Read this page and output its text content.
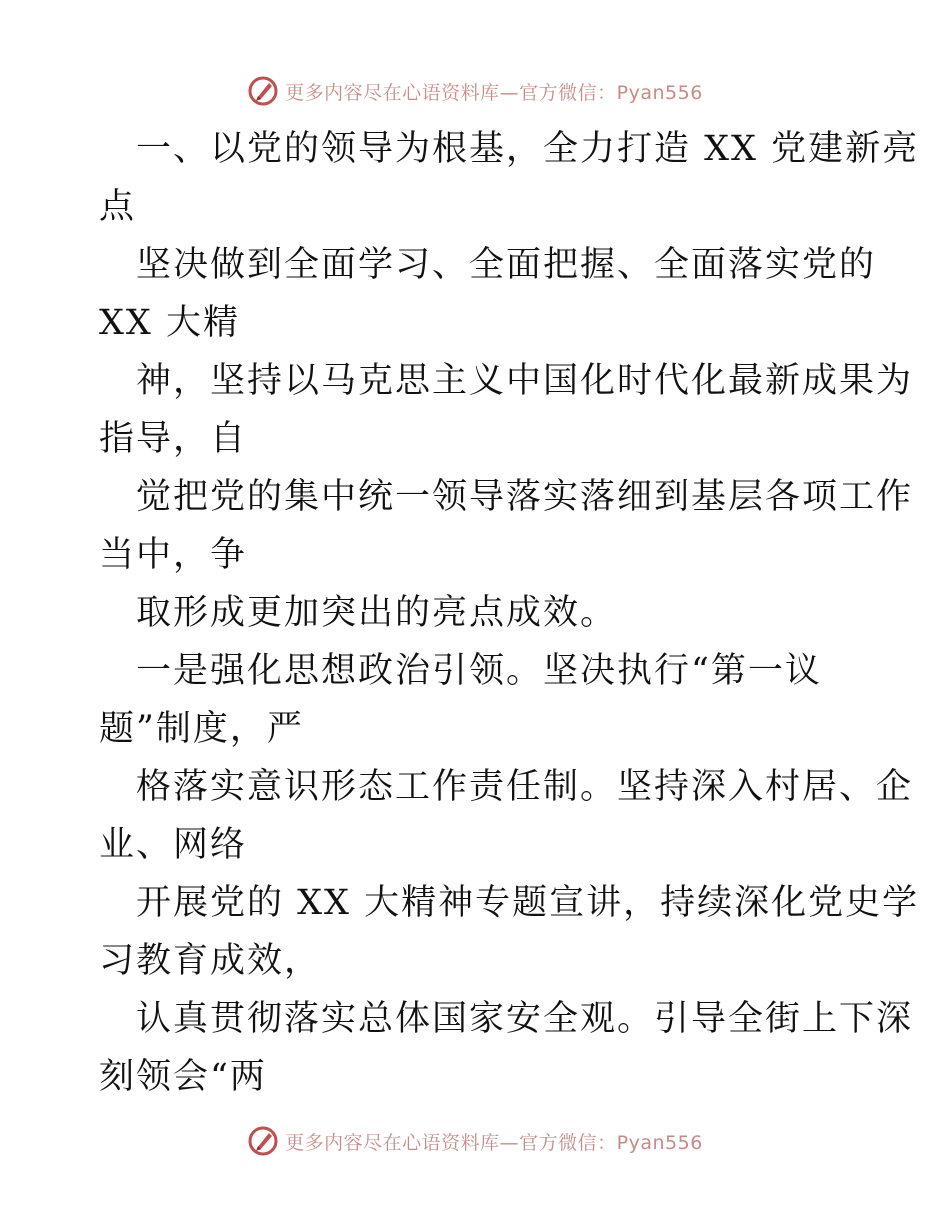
更多内容尽在心语资料库—官方微信：Pyan556
一、以党的领导为根基，全力打造 XX 党建新亮
点
坚决做到全面学习、全面把握、全面落实党的
XX 大精
神，坚持以马克思主义中国化时代化最新成果为
指导，自
觉把党的集中统一领导落实落细到基层各项工作
当中，争
取形成更加突出的亮点成效。
一是强化思想政治引领。坚决执行“第一议
题”制度，严
格落实意识形态工作责任制。坚持深入村居、企
业、网络
开展党的 XX 大精神专题宣讲，持续深化党史学
习教育成效，
认真贯彻落实总体国家安全观。引导全街上下深
刻领会“两
更多内容尽在心语资料库—官方微信：Pyan556
